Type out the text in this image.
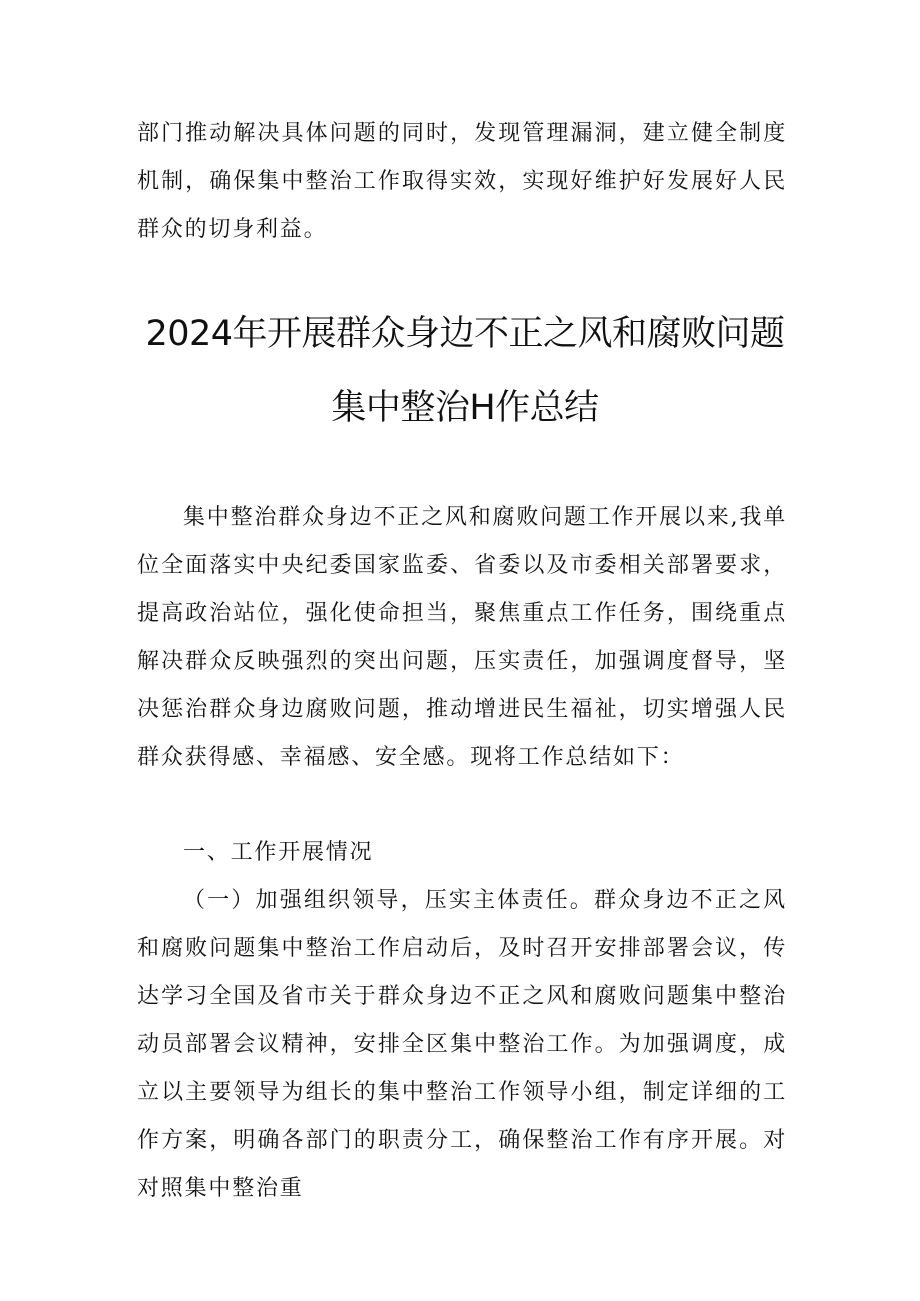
部门推动解决具体问题的同时，发现管理漏洞，建立健全制度机制，确保集中整治工作取得实效，实现好维护好发展好人民群众的切身利益。

2024年开展群众身边不正之风和腐败问题
集中整治H作总结

集中整治群众身边不正之风和腐败问题工作开展以来,我单位全面落实中央纪委国家监委、省委以及市委相关部署要求，提高政治站位，强化使命担当，聚焦重点工作任务，围绕重点解决群众反映强烈的突出问题，压实责任，加强调度督导，坚决惩治群众身边腐败问题，推动增进民生福祉，切实增强人民群众获得感、幸福感、安全感。现将工作总结如下：

一、工作开展情况

（一）加强组织领导，压实主体责任。群众身边不正之风和腐败问题集中整治工作启动后，及时召开安排部署会议，传达学习全国及省市关于群众身边不正之风和腐败问题集中整治动员部署会议精神，安排全区集中整治工作。为加强调度，成立以主要领导为组长的集中整治工作领导小组，制定详细的工作方案，明确各部门的职责分工，确保整治工作有序开展。对对照集中整治重
